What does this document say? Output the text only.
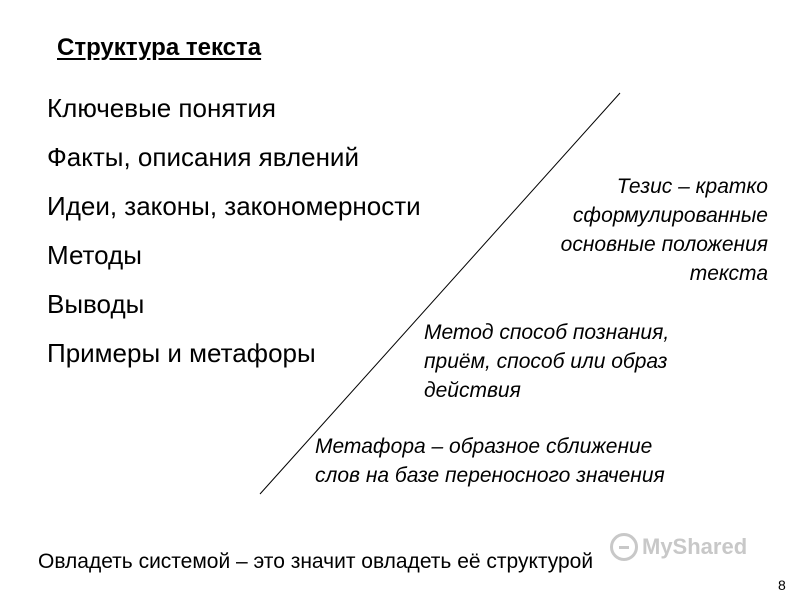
Структура текста
Ключевые понятия
Факты, описания явлений
Идеи, законы, закономерности
Методы
Выводы
Примеры и метафоры
Тезис – кратко
сформулированные
основные положения
текста
Метод способ познания,
приём, способ или образ
действия
Метафора – образное сближение
слов на базе переносного значения
MyShared
Овладеть системой – это значит овладеть её структурой
8
